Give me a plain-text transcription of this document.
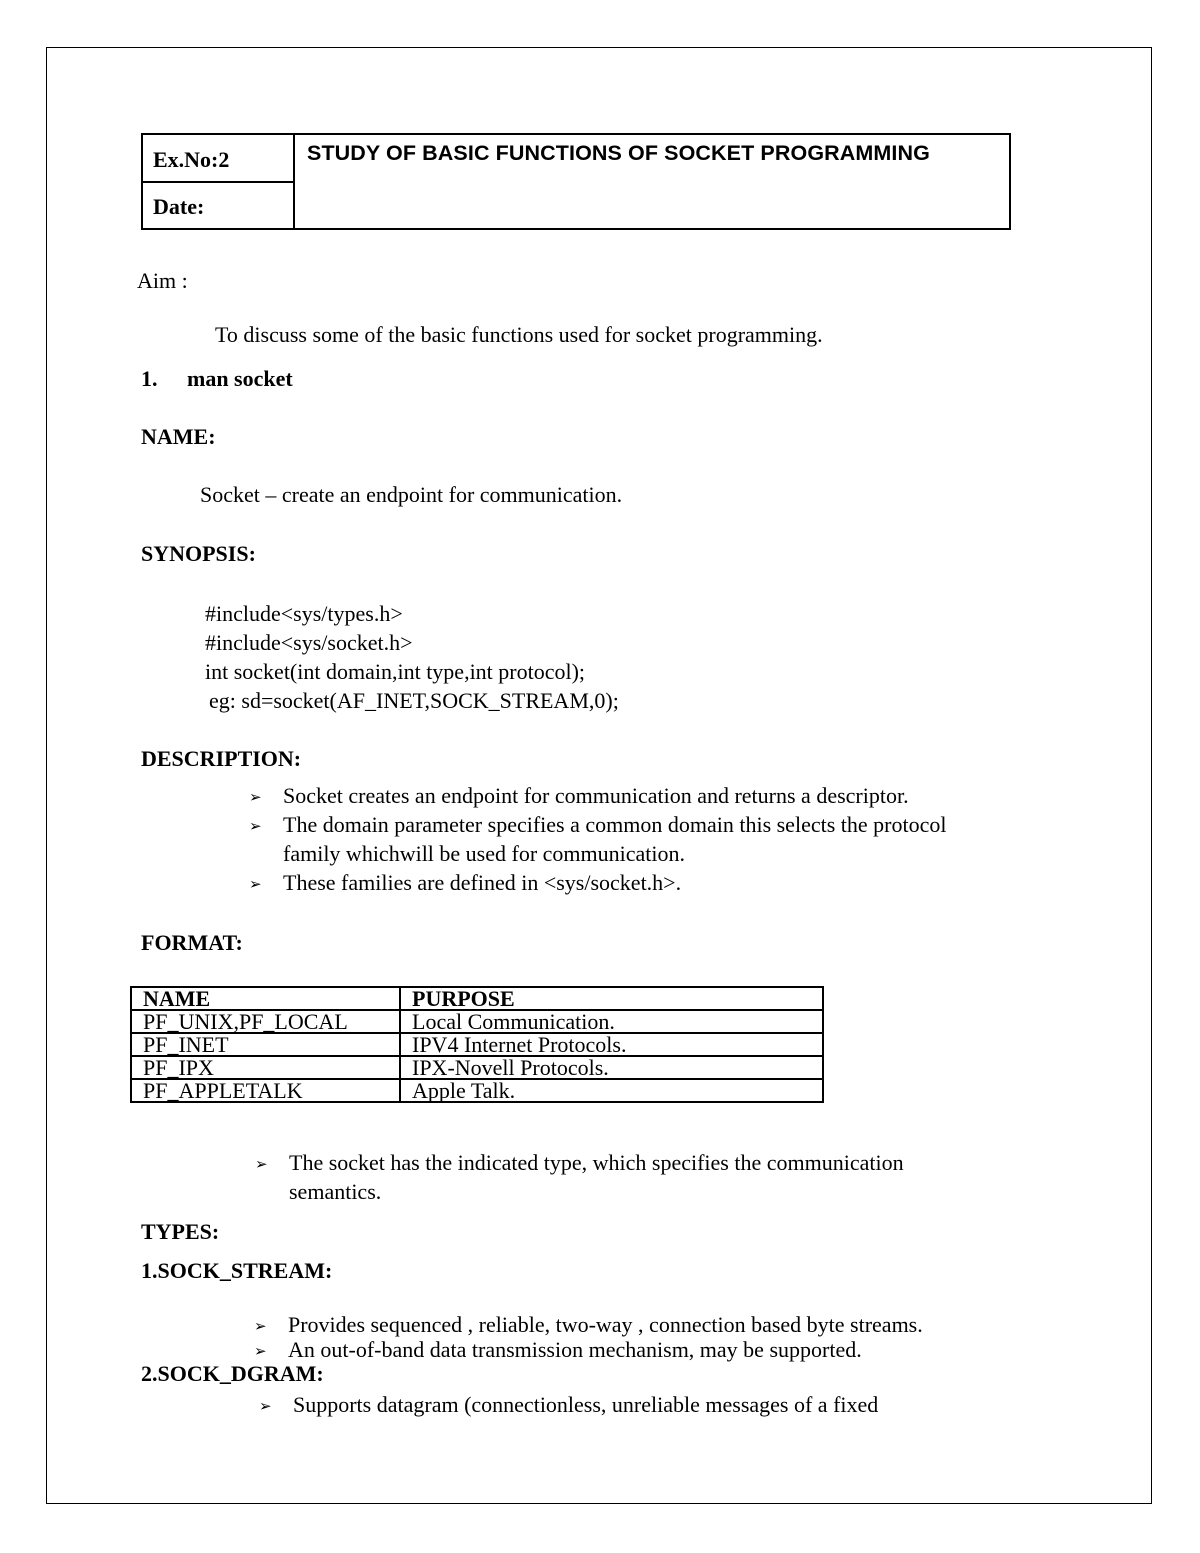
Ex.No:2
Date:
STUDY OF BASIC FUNCTIONS OF SOCKET PROGRAMMING
Aim :
To discuss some of the basic functions used for socket programming.
1. man socket
NAME:
Socket – create an endpoint for communication.
SYNOPSIS:
#include<sys/types.h>
#include<sys/socket.h>
int socket(int domain,int type,int protocol);
eg: sd=socket(AF_INET,SOCK_STREAM,0);
DESCRIPTION:
➢ Socket creates an endpoint for communication and returns a descriptor.
➢ The domain parameter specifies a common domain this selects the protocol
family whichwill be used for communication.
➢ These families are defined in <sys/socket.h>.
FORMAT:
NAME	PURPOSE
PF_UNIX,PF_LOCAL	Local Communication.
PF_INET	IPV4 Internet Protocols.
PF_IPX	IPX-Novell Protocols.
PF_APPLETALK	Apple Talk.
➢ The socket has the indicated type, which specifies the communication
semantics.
TYPES:
1.SOCK_STREAM:
➢ Provides sequenced , reliable, two-way , connection based byte streams.
➢ An out-of-band data transmission mechanism, may be supported.
2.SOCK_DGRAM:
➢ Supports datagram (connectionless, unreliable messages of a fixed
